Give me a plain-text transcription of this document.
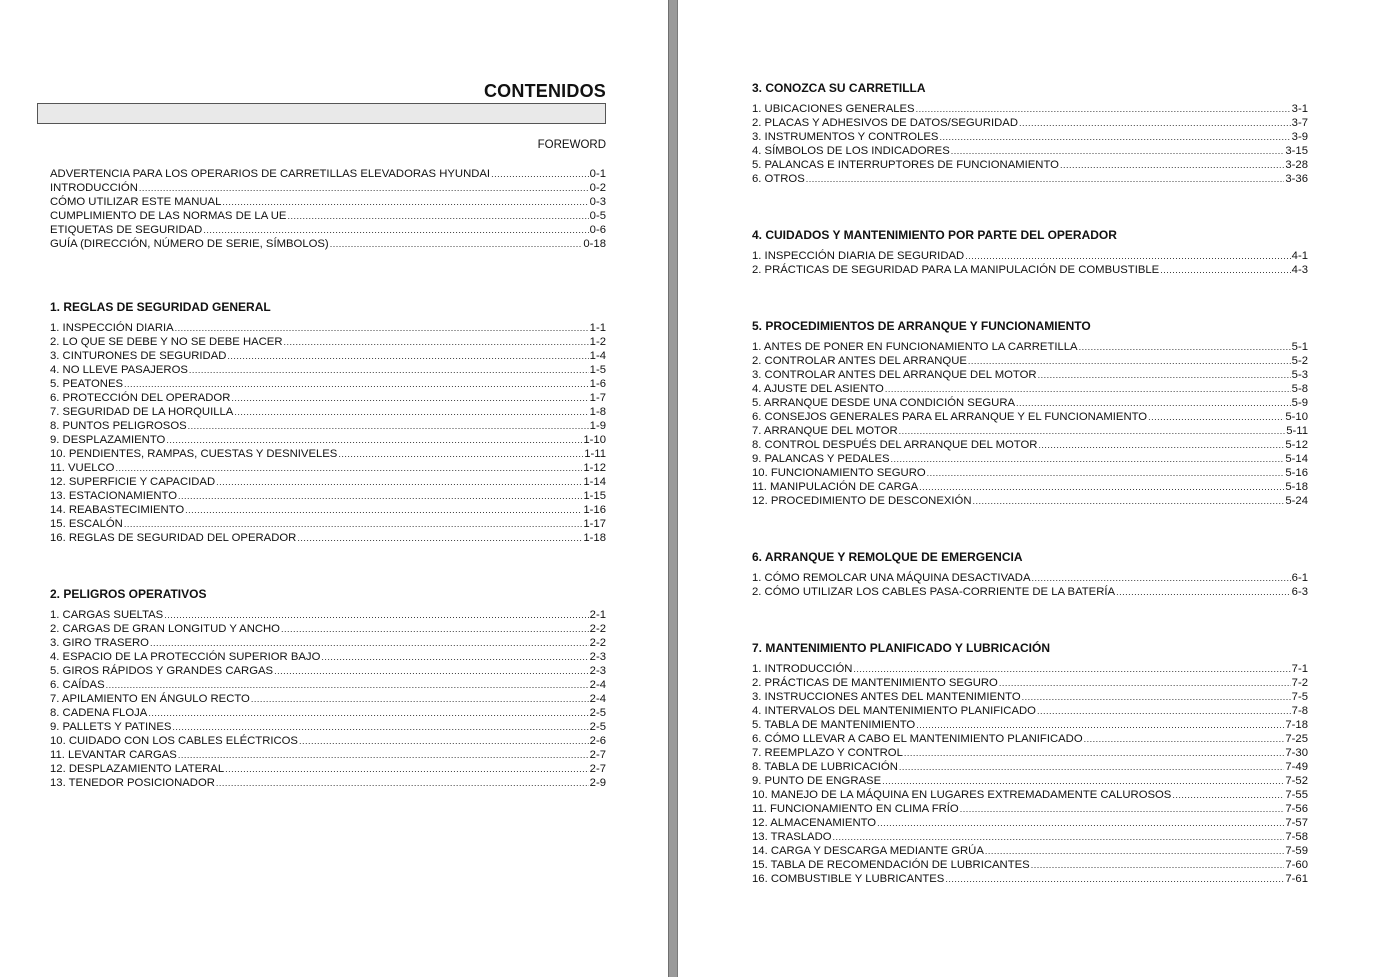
CONTENIDOS
FOREWORD
ADVERTENCIA PARA LOS OPERARIOS DE CARRETILLAS ELEVADORAS HYUNDAI .....	0-1
INTRODUCCIÓN .....	0-2
CÓMO UTILIZAR ESTE MANUAL .....	0-3
CUMPLIMIENTO DE LAS NORMAS DE LA UE .....	0-5
ETIQUETAS DE SEGURIDAD .....	0-6
GUÍA (DIRECCIÓN, NÚMERO DE SERIE, SÍMBOLOS) .....	0-18
1. REGLAS DE SEGURIDAD GENERAL
1. INSPECCIÓN DIARIA .....	1-1
2. LO QUE SE DEBE Y NO SE DEBE HACER .....	1-2
3. CINTURONES DE SEGURIDAD .....	1-4
4. NO LLEVE PASAJEROS .....	1-5
5. PEATONES .....	1-6
6. PROTECCIÓN DEL OPERADOR .....	1-7
7. SEGURIDAD DE LA HORQUILLA .....	1-8
8. PUNTOS PELIGROSOS .....	1-9
9. DESPLAZAMIENTO .....	1-10
10. PENDIENTES, RAMPAS, CUESTAS Y DESNIVELES .....	1-11
11. VUELCO .....	1-12
12. SUPERFICIE Y CAPACIDAD .....	1-14
13. ESTACIONAMIENTO .....	1-15
14. REABASTECIMIENTO .....	1-16
15. ESCALÓN .....	1-17
16. REGLAS DE SEGURIDAD DEL OPERADOR .....	1-18
2. PELIGROS OPERATIVOS
1. CARGAS SUELTAS .....	2-1
2. CARGAS DE GRAN LONGITUD Y ANCHO .....	2-2
3. GIRO TRASERO .....	2-2
4. ESPACIO DE LA PROTECCIÓN SUPERIOR BAJO .....	2-3
5. GIROS RÁPIDOS Y GRANDES CARGAS .....	2-3
6. CAÍDAS .....	2-4
7. APILAMIENTO EN ÁNGULO RECTO .....	2-4
8. CADENA FLOJA .....	2-5
9. PALLETS Y PATINES .....	2-5
10. CUIDADO CON LOS CABLES ELÉCTRICOS .....	2-6
11. LEVANTAR CARGAS .....	2-7
12. DESPLAZAMIENTO LATERAL .....	2-7
13. TENEDOR POSICIONADOR .....	2-9
3. CONOZCA SU CARRETILLA
1. UBICACIONES GENERALES .....	3-1
2. PLACAS Y ADHESIVOS DE DATOS/SEGURIDAD .....	3-7
3. INSTRUMENTOS Y CONTROLES .....	3-9
4. SÍMBOLOS DE LOS INDICADORES .....	3-15
5. PALANCAS E INTERRUPTORES DE FUNCIONAMIENTO .....	3-28
6. OTROS .....	3-36
4. CUIDADOS Y MANTENIMIENTO POR PARTE DEL OPERADOR
1. INSPECCIÓN DIARIA DE SEGURIDAD .....	4-1
2. PRÁCTICAS DE SEGURIDAD PARA LA MANIPULACIÓN DE COMBUSTIBLE .....	4-3
5. PROCEDIMIENTOS DE ARRANQUE Y FUNCIONAMIENTO
1. ANTES DE PONER EN FUNCIONAMIENTO LA CARRETILLA .....	5-1
2. CONTROLAR ANTES DEL ARRANQUE .....	5-2
3. CONTROLAR ANTES DEL ARRANQUE DEL MOTOR .....	5-3
4. AJUSTE DEL ASIENTO .....	5-8
5. ARRANQUE DESDE UNA CONDICIÓN SEGURA .....	5-9
6. CONSEJOS GENERALES PARA EL ARRANQUE Y EL FUNCIONAMIENTO .....	5-10
7. ARRANQUE DEL MOTOR .....	5-11
8. CONTROL DESPUÉS DEL ARRANQUE DEL MOTOR .....	5-12
9. PALANCAS Y PEDALES .....	5-14
10. FUNCIONAMIENTO SEGURO .....	5-16
11. MANIPULACIÓN DE CARGA .....	5-18
12. PROCEDIMIENTO DE DESCONEXIÓN .....	5-24
6. ARRANQUE Y REMOLQUE DE EMERGENCIA
1. CÓMO REMOLCAR UNA MÁQUINA DESACTIVADA .....	6-1
2. CÓMO UTILIZAR LOS CABLES PASA-CORRIENTE DE LA BATERÍA .....	6-3
7. MANTENIMIENTO PLANIFICADO Y LUBRICACIÓN
1. INTRODUCCIÓN .....	7-1
2. PRÁCTICAS DE MANTENIMIENTO SEGURO .....	7-2
3. INSTRUCCIONES ANTES DEL MANTENIMIENTO .....	7-5
4. INTERVALOS DEL MANTENIMIENTO PLANIFICADO .....	7-8
5. TABLA DE MANTENIMIENTO .....	7-18
6. CÓMO LLEVAR A CABO EL MANTENIMIENTO PLANIFICADO .....	7-25
7. REEMPLAZO Y CONTROL .....	7-30
8. TABLA DE LUBRICACIÓN .....	7-49
9. PUNTO DE ENGRASE .....	7-52
10. MANEJO DE LA MÁQUINA EN LUGARES EXTREMADAMENTE CALUROSOS .....	7-55
11. FUNCIONAMIENTO EN CLIMA FRÍO .....	7-56
12. ALMACENAMIENTO .....	7-57
13. TRASLADO .....	7-58
14. CARGA Y DESCARGA MEDIANTE GRÚA .....	7-59
15. TABLA DE RECOMENDACIÓN DE LUBRICANTES .....	7-60
16. COMBUSTIBLE Y LUBRICANTES .....	7-61
